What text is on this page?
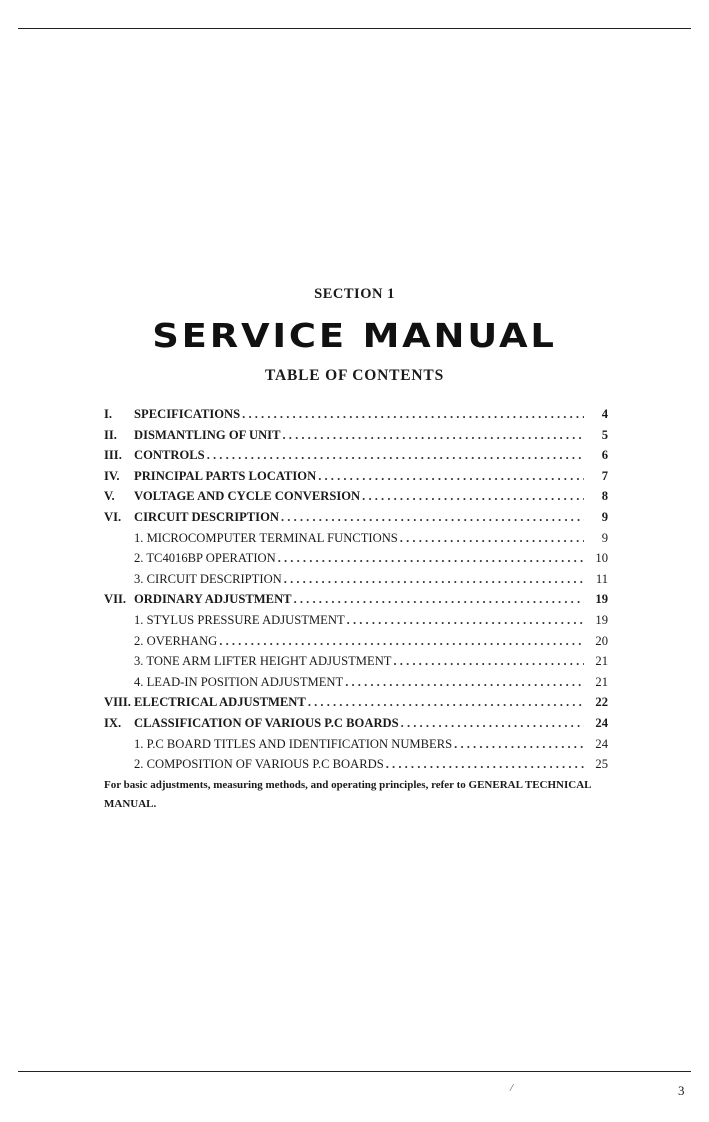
SECTION 1
SERVICE MANUAL
TABLE OF CONTENTS
I.	SPECIFICATIONS . . .	4
II.	DISMANTLING OF UNIT . . .	5
III. CONTROLS . . .	6
IV.	PRINCIPAL PARTS LOCATION . . .	7
V.	VOLTAGE AND CYCLE CONVERSION . . .	8
VI.	CIRCUIT DESCRIPTION . . .	9
1. MICROCOMPUTER TERMINAL FUNCTIONS . . .	9
2. TC4016BP OPERATION . . .	10
3. CIRCUIT DESCRIPTION . . .	11
VII. ORDINARY ADJUSTMENT . . .	19
1. STYLUS PRESSURE ADJUSTMENT . . .	19
2. OVERHANG . . .	20
3. TONE ARM LIFTER HEIGHT ADJUSTMENT . . .	21
4. LEAD-IN POSITION ADJUSTMENT . . .	21
VIII. ELECTRICAL ADJUSTMENT . . .	22
IX.	CLASSIFICATION OF VARIOUS P.C BOARDS . . .	24
1. P.C BOARD TITLES AND IDENTIFICATION NUMBERS . . .	24
2. COMPOSITION OF VARIOUS P.C BOARDS . . .	25
For basic adjustments, measuring methods, and operating principles, refer to GENERAL TECHNICAL MANUAL.
/	3
